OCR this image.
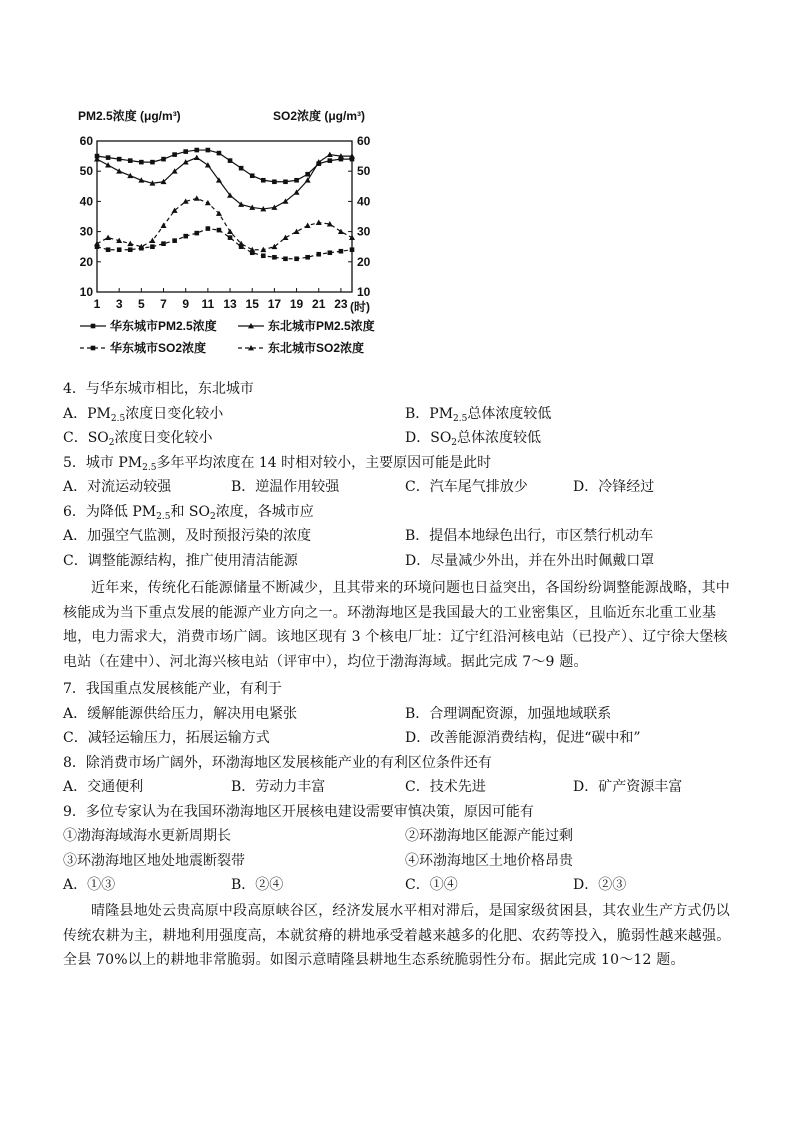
PM2.5浓度 (μg/m³)	SO2浓度 (μg/m³)
10	10
20	20
30	30
40	40
50	50
60	60
1 3 5 7 9 11 13 15 17 19 21 23 (时)
华东城市PM2.5浓度	东北城市PM2.5浓度
华东城市SO2浓度	东北城市SO2浓度
4．与华东城市相比，东北城市
A．$PM_{2.5}$浓度日变化较小	B．$PM_{2.5}$总体浓度较低
C．$SO_2$浓度日变化较小	D．$SO_2$总体浓度较低
5．城市 $PM_{2.5}$多年平均浓度在 14 时相对较小，主要原因可能是此时
A．对流运动较强	B．逆温作用较强	C．汽车尾气排放少	D．冷锋经过
6．为降低 $PM_{2.5}$和 $SO_2$浓度，各城市应
A．加强空气监测，及时预报污染的浓度	B．提倡本地绿色出行，市区禁行机动车
C．调整能源结构，推广使用清洁能源	D．尽量减少外出，并在外出时佩戴口罩

近年来，传统化石能源储量不断减少，且其带来的环境问题也日益突出，各国纷纷调整能源战略，其中核能成为当下重点发展的能源产业方向之一。环渤海地区是我国最大的工业密集区，且临近东北重工业基地，电力需求大，消费市场广阔。该地区现有 3 个核电厂址：辽宁红沿河核电站（已投产）、辽宁徐大堡核电站（在建中）、河北海兴核电站（评审中），均位于渤海海域。据此完成 7～9 题。

7．我国重点发展核能产业，有利于
A．缓解能源供给压力，解决用电紧张	B．合理调配资源，加强地域联系
C．减轻运输压力，拓展运输方式	D．改善能源消费结构，促进“碳中和”
8．除消费市场广阔外，环渤海地区发展核能产业的有利区位条件还有
A．交通便利	B．劳动力丰富	C．技术先进	D．矿产资源丰富
9．多位专家认为在我国环渤海地区开展核电建设需要审慎决策，原因可能有
①渤海海域海水更新周期长	②环渤海地区能源产能过剩
③环渤海地区地处地震断裂带	④环渤海地区土地价格昂贵
A．①③	B．②④	C．①④	D．②③

晴隆县地处云贵高原中段高原峡谷区，经济发展水平相对滞后，是国家级贫困县，其农业生产方式仍以传统农耕为主，耕地利用强度高，本就贫瘠的耕地承受着越来越多的化肥、农药等投入，脆弱性越来越强。全县 70%以上的耕地非常脆弱。如图示意晴隆县耕地生态系统脆弱性分布。据此完成 10～12 题。
